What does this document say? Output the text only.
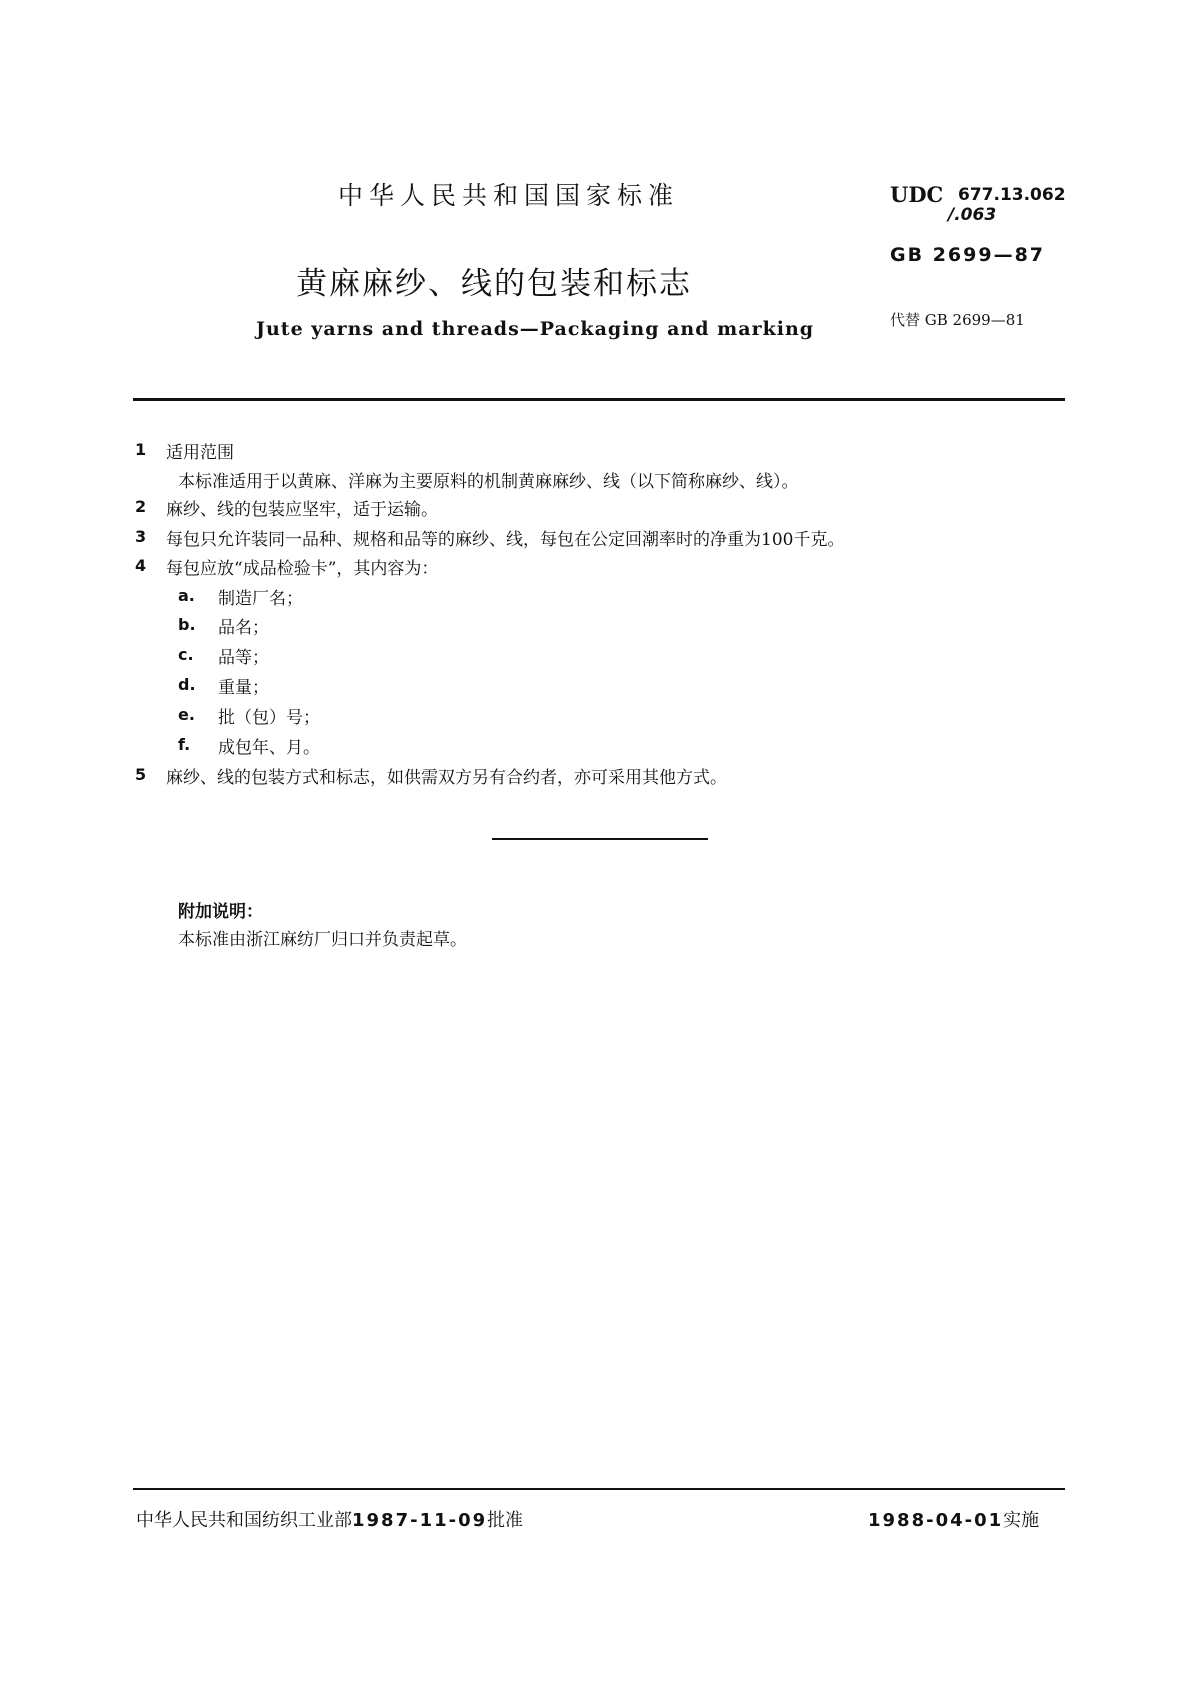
中华人民共和国国家标准
黄麻麻纱、线的包装和标志
Jute yarns and threads—Packaging and marking
UDC 677.13.062
/.063
GB 2699—87
代替 GB 2699—81
1 适用范围
本标准适用于以黄麻、洋麻为主要原料的机制黄麻麻纱、线（以下简称麻纱、线）。
2 麻纱、线的包装应坚牢，适于运输。
3 每包只允许装同一品种、规格和品等的麻纱、线，每包在公定回潮率时的净重为100千克。
4 每包应放“成品检验卡”，其内容为：
a. 制造厂名；
b. 品名；
c. 品等；
d. 重量；
e. 批（包）号；
f. 成包年、月。
5 麻纱、线的包装方式和标志，如供需双方另有合约者，亦可采用其他方式。
附加说明：
本标准由浙江麻纺厂归口并负责起草。
中华人民共和国纺织工业部1987-11-09批准	1988-04-01实施
